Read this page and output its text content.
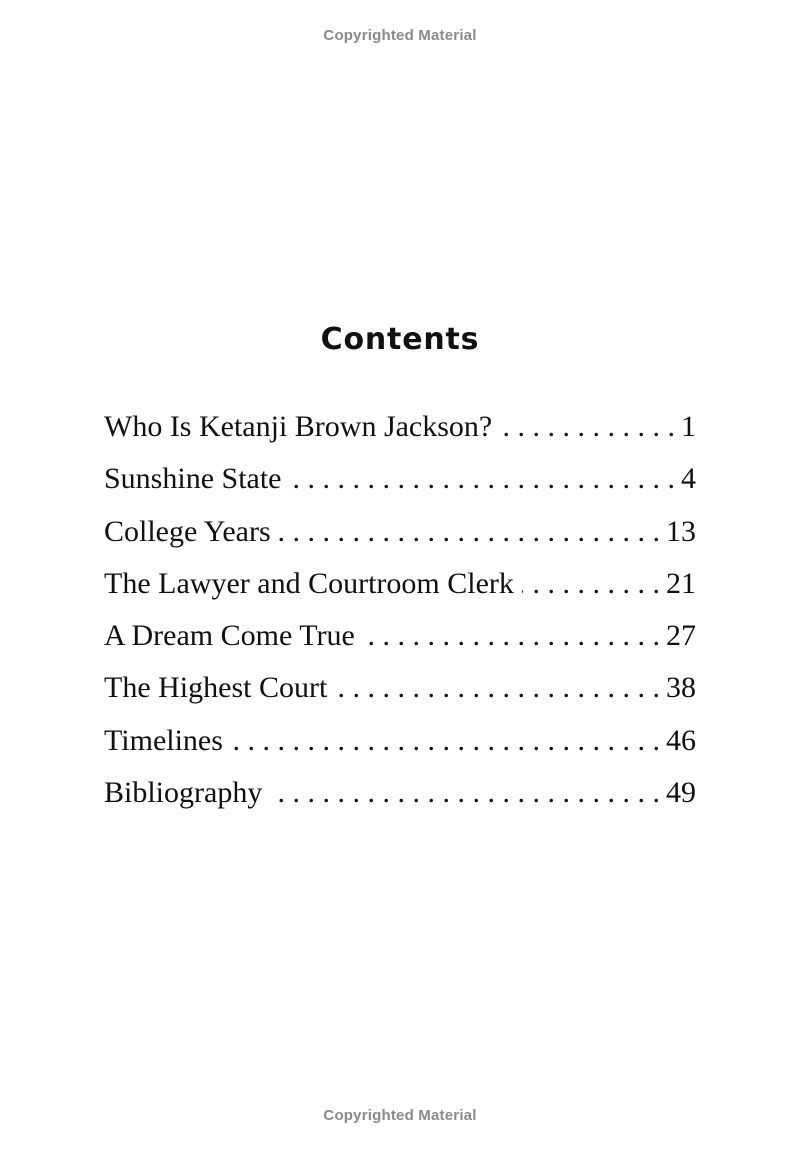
Copyrighted Material
Contents
Who Is Ketanji Brown Jackson? . . .	1
Sunshine State . . .	4
College Years . . .	13
The Lawyer and Courtroom Clerk . . .	21
A Dream Come True . . .	27
The Highest Court . . .	38
Timelines . . .	46
Bibliography . . .	49
Copyrighted Material
